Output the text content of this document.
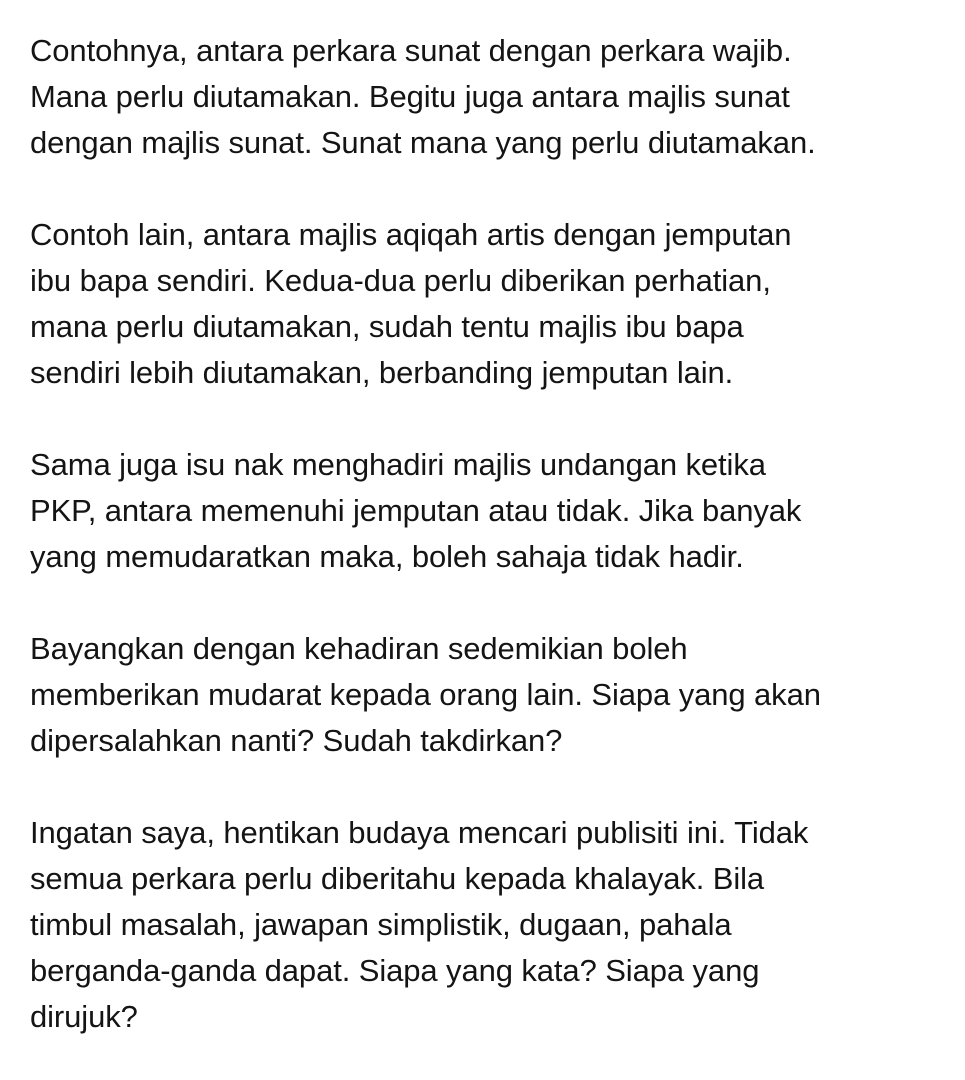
Contohnya, antara perkara sunat dengan perkara wajib.
Mana perlu diutamakan. Begitu juga antara majlis sunat
dengan majlis sunat. Sunat mana yang perlu diutamakan.

Contoh lain, antara majlis aqiqah artis dengan jemputan
ibu bapa sendiri. Kedua-dua perlu diberikan perhatian,
mana perlu diutamakan, sudah tentu majlis ibu bapa
sendiri lebih diutamakan, berbanding jemputan lain.

Sama juga isu nak menghadiri majlis undangan ketika
PKP, antara memenuhi jemputan atau tidak. Jika banyak
yang memudaratkan maka, boleh sahaja tidak hadir.

Bayangkan dengan kehadiran sedemikian boleh
memberikan mudarat kepada orang lain. Siapa yang akan
dipersalahkan nanti? Sudah takdirkan?

Ingatan saya, hentikan budaya mencari publisiti ini. Tidak
semua perkara perlu diberitahu kepada khalayak. Bila
timbul masalah, jawapan simplistik, dugaan, pahala
berganda-ganda dapat. Siapa yang kata? Siapa yang
dirujuk?
